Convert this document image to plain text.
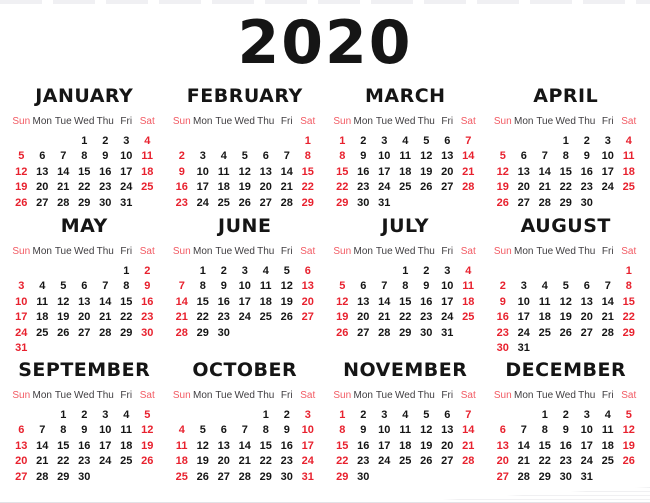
2020
JANUARY
Sun	Mon	Tue	Wed	Thu	Fri	Sat
			1	2	3	4
5	6	7	8	9	10	11
12	13	14	15	16	17	18
19	20	21	22	23	24	25
26	27	28	29	30	31	
FEBRUARY
Sun	Mon	Tue	Wed	Thu	Fri	Sat
						1
2	3	4	5	6	7	8
9	10	11	12	13	14	15
16	17	18	19	20	21	22
23	24	25	26	27	28	29
MARCH
Sun	Mon	Tue	Wed	Thu	Fri	Sat
1	2	3	4	5	6	7
8	9	10	11	12	13	14
15	16	17	18	19	20	21
22	23	24	25	26	27	28
29	30	31				
APRIL
Sun	Mon	Tue	Wed	Thu	Fri	Sat
			1	2	3	4
5	6	7	8	9	10	11
12	13	14	15	16	17	18
19	20	21	22	23	24	25
26	27	28	29	30		
MAY
Sun	Mon	Tue	Wed	Thu	Fri	Sat
					1	2
3	4	5	6	7	8	9
10	11	12	13	14	15	16
17	18	19	20	21	22	23
24	25	26	27	28	29	30
31						
JUNE
Sun	Mon	Tue	Wed	Thu	Fri	Sat
	1	2	3	4	5	6
7	8	9	10	11	12	13
14	15	16	17	18	19	20
21	22	23	24	25	26	27
28	29	30				
JULY
Sun	Mon	Tue	Wed	Thu	Fri	Sat
			1	2	3	4
5	6	7	8	9	10	11
12	13	14	15	16	17	18
19	20	21	22	23	24	25
26	27	28	29	30	31	
AUGUST
Sun	Mon	Tue	Wed	Thu	Fri	Sat
						1
2	3	4	5	6	7	8
9	10	11	12	13	14	15
16	17	18	19	20	21	22
23	24	25	26	27	28	29
30	31					
SEPTEMBER
Sun	Mon	Tue	Wed	Thu	Fri	Sat
		1	2	3	4	5
6	7	8	9	10	11	12
13	14	15	16	17	18	19
20	21	22	23	24	25	26
27	28	29	30			
OCTOBER
Sun	Mon	Tue	Wed	Thu	Fri	Sat
				1	2	3
4	5	6	7	8	9	10
11	12	13	14	15	16	17
18	19	20	21	22	23	24
25	26	27	28	29	30	31
NOVEMBER
Sun	Mon	Tue	Wed	Thu	Fri	Sat
1	2	3	4	5	6	7
8	9	10	11	12	13	14
15	16	17	18	19	20	21
22	23	24	25	26	27	28
29	30					
DECEMBER
Sun	Mon	Tue	Wed	Thu	Fri	Sat
		1	2	3	4	5
6	7	8	9	10	11	12
13	14	15	16	17	18	19
20	21	22	23	24	25	26
27	28	29	30	31		
